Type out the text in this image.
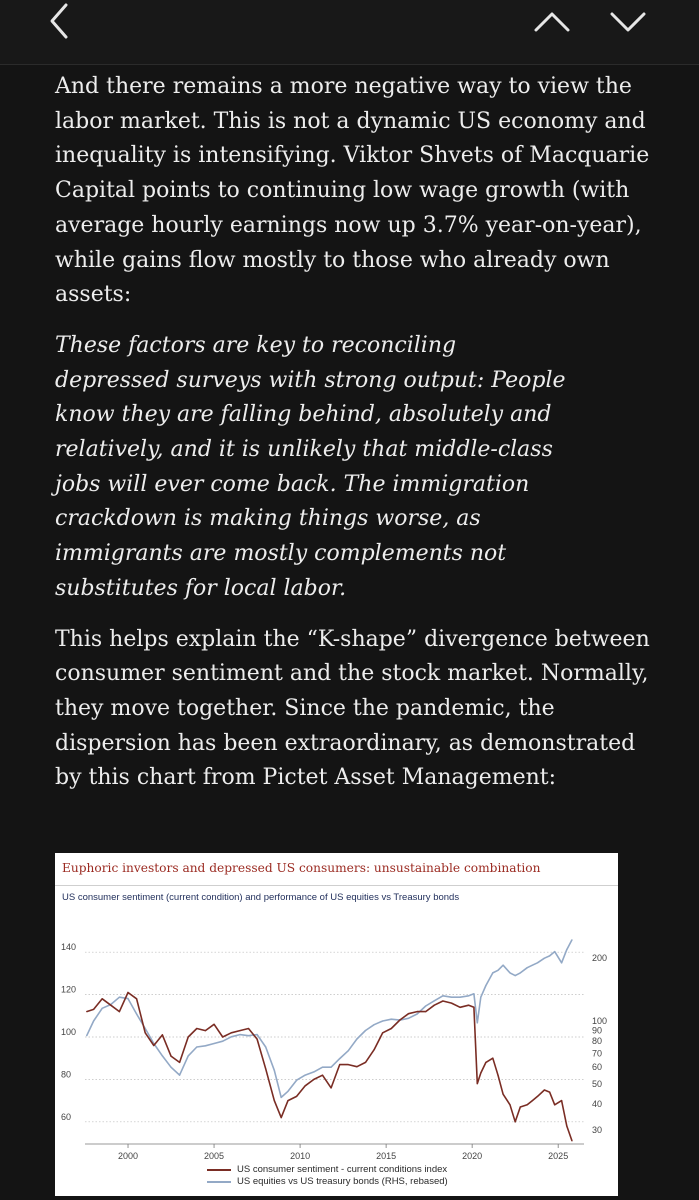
And there remains a more negative way to view the labor market. This is not a dynamic US economy and inequality is intensifying. Viktor Shvets of Macquarie Capital points to continuing low wage growth (with average hourly earnings now up 3.7% year-on-year), while gains flow mostly to those who already own assets:

These factors are key to reconciling depressed surveys with strong output: People know they are falling behind, absolutely and relatively, and it is unlikely that middle-class jobs will ever come back. The immigration crackdown is making things worse, as immigrants are mostly complements not substitutes for local labor.

This helps explain the “K-shape” divergence between consumer sentiment and the stock market. Normally, they move together. Since the pandemic, the dispersion has been extraordinary, as demonstrated by this chart from Pictet Asset Management:

Euphoric investors and depressed US consumers: unsustainable combination
US consumer sentiment (current condition) and performance of US equities vs Treasury bonds
60
80
100
120
140
30
40
50
60
70
80
90
100
200
2000	2005	2010	2015	2020	2025
US consumer sentiment - current conditions index
US equities vs US treasury bonds (RHS, rebased)
